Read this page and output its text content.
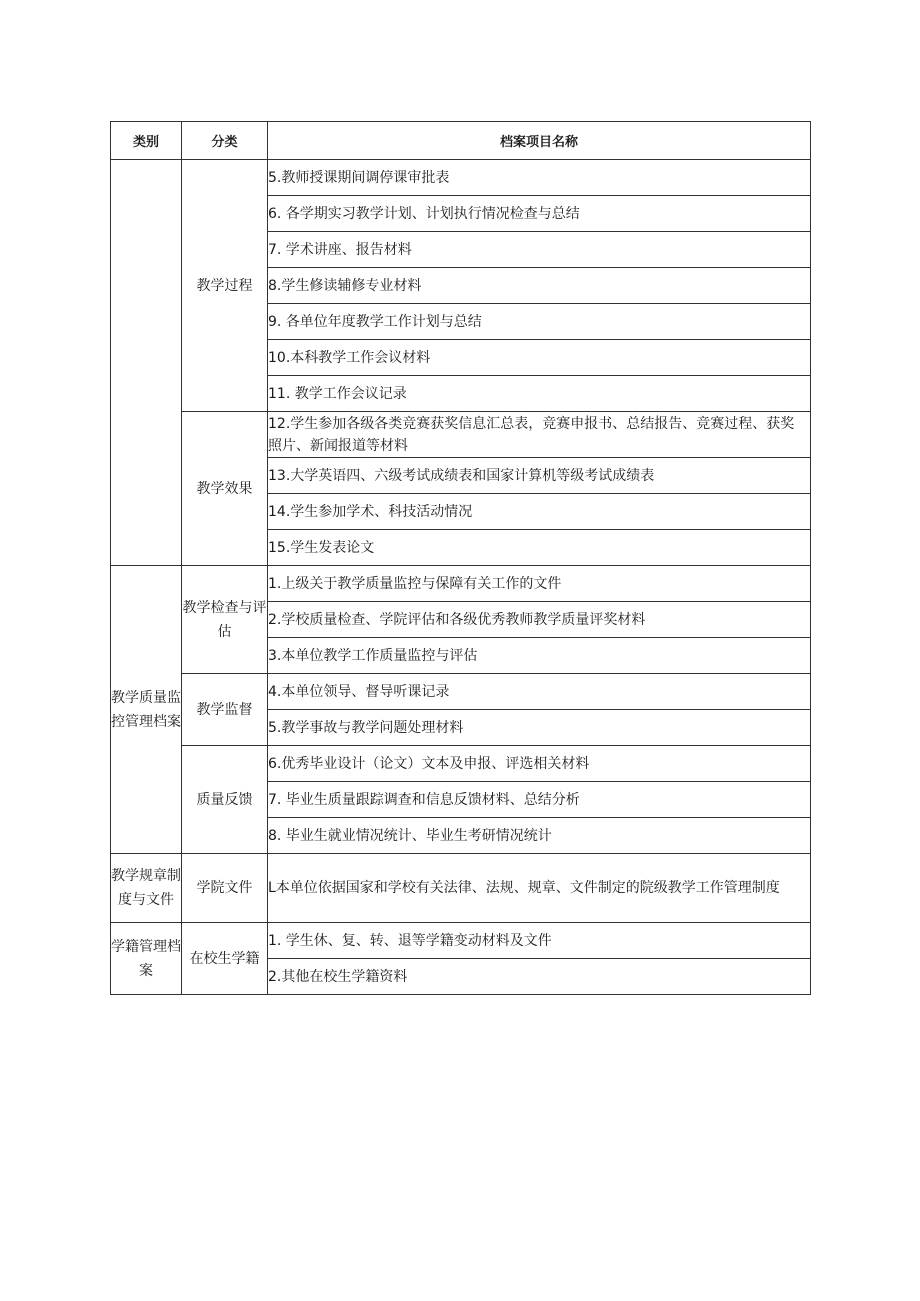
类别	分类	档案项目名称
	教学过程	5.教师授课期间调停课审批表
		6. 各学期实习教学计划、计划执行情况检查与总结
		7. 学术讲座、报告材料
		8.学生修读辅修专业材料
		9. 各单位年度教学工作计划与总结
		10.本科教学工作会议材料
		11. 教学工作会议记录
	教学效果	12.学生参加各级各类竞赛获奖信息汇总表，竞赛申报书、总结报告、竞赛过程、获奖照片、新闻报道等材料
		13.大学英语四、六级考试成绩表和国家计算机等级考试成绩表
		14.学生参加学术、科技活动情况
		15.学生发表论文
教学质量监控管理档案	教学检查与评估	1.上级关于教学质量监控与保障有关工作的文件
		2.学校质量检查、学院评估和各级优秀教师教学质量评奖材料
		3.本单位教学工作质量监控与评估
	教学监督	4.本单位领导、督导听课记录
		5.教学事故与教学问题处理材料
	质量反馈	6.优秀毕业设计（论文）文本及申报、评选相关材料
		7. 毕业生质量跟踪调查和信息反馈材料、总结分析
		8. 毕业生就业情况统计、毕业生考研情况统计
教学规章制度与文件	学院文件	L本单位依据国家和学校有关法律、法规、规章、文件制定的院级教学工作管理制度
学籍管理档案	在校生学籍	1. 学生休、复、转、退等学籍变动材料及文件
		2.其他在校生学籍资料
